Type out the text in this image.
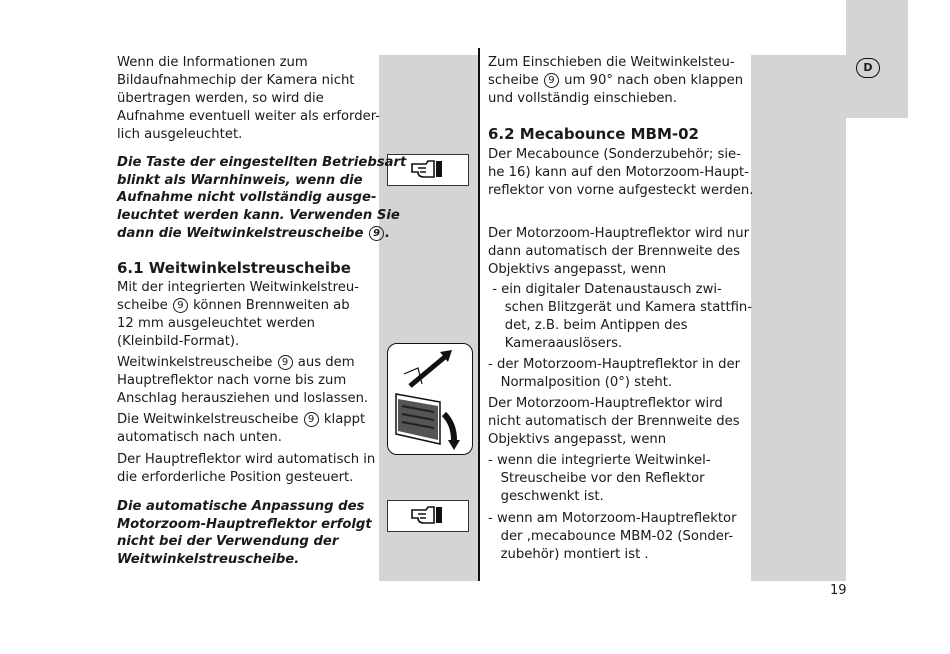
D

Wenn die Informationen zum

Bildaufnahmechip der Kamera nicht

übertragen werden, so wird die

Aufnahme eventuell weiter als erforder-

lich ausgeleuchtet.

Die Taste der eingestellten Betriebsart

blinkt als Warnhinweis, wenn die

Aufnahme nicht vollständig ausge-

leuchtet werden kann. Verwenden Sie

dann die Weitwinkelstreuscheibe 9 .

6.1 Weitwinkelstreuscheibe

Mit der integrierten Weitwinkelstreu-

scheibe 9 können Brennweiten ab

12 mm ausgeleuchtet werden

(Kleinbild-Format).

Weitwinkelstreuscheibe 9 aus dem

Hauptreflektor nach vorne bis zum

Anschlag herausziehen und loslassen.

Die Weitwinkelstreuscheibe 9 klappt

automatisch nach unten.

Der Hauptreflektor wird automatisch in

die erforderliche Position gesteuert.

Die automatische Anpassung des

Motorzoom-Hauptreflektor erfolgt

nicht bei der Verwendung der

Weitwinkelstreuscheibe.

Zum Einschieben die Weitwinkelsteu-

scheibe 9 um 90° nach oben klappen

und vollständig einschieben.

6.2 Mecabounce MBM-02

Der Mecabounce (Sonderzubehör; sie-

he 16) kann auf den Motorzoom-Haupt-

reflektor von vorne aufgesteckt werden.

Der Motorzoom-Hauptreflektor wird nur

dann automatisch der Brennweite des

Objektivs angepasst, wenn

- ein digitaler Datenaustausch zwi-

schen Blitzgerät und Kamera stattfin-

det, z.B. beim Antippen des

Kameraauslösers.

- der Motorzoom-Hauptreflektor in der

Normalposition (0°) steht.

Der Motorzoom-Hauptreflektor wird

nicht automatisch der Brennweite des

Objektivs angepasst, wenn

- wenn die integrierte Weitwinkel-

Streuscheibe vor den Reflektor

geschwenkt ist.

- wenn am Motorzoom-Hauptreflektor

der ‚mecabounce MBM-02 (Sonder-

zubehör) montiert ist .

19
